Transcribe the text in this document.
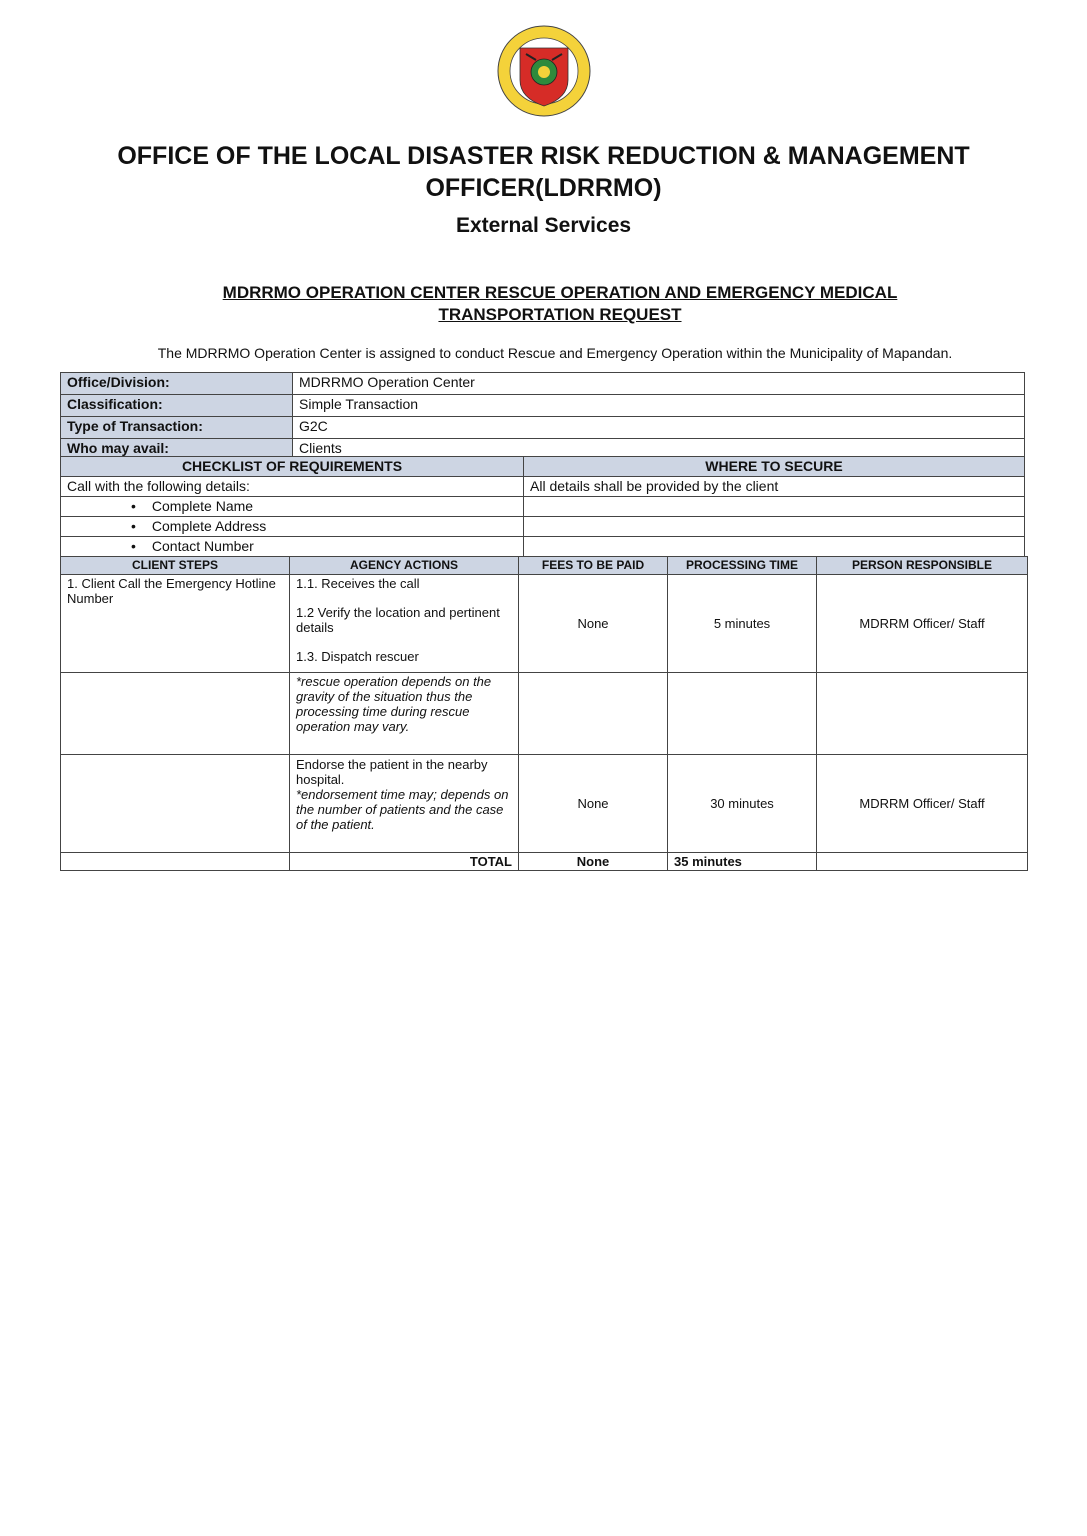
OFFICE OF THE LOCAL DISASTER RISK REDUCTION & MANAGEMENT OFFICER(LDRRMO)
External Services
MDRRMO OPERATION CENTER RESCUE OPERATION AND EMERGENCY MEDICAL
TRANSPORTATION REQUEST
The MDRRMO Operation Center is assigned to conduct Rescue and Emergency Operation within the Municipality of Mapandan.
Office/Division:	MDRRMO Operation Center
Classification:	Simple Transaction
Type of Transaction:	G2C
Who may avail:	Clients
CHECKLIST OF REQUIREMENTS	WHERE TO SECURE
Call with the following details:	All details shall be provided by the client
• Complete Name	
• Complete Address	
• Contact Number	
CLIENT STEPS	AGENCY ACTIONS	FEES TO BE PAID	PROCESSING TIME	PERSON RESPONSIBLE
1. Client Call the Emergency Hotline Number	1.1. Receives the call
1.2 Verify the location and pertinent details
1.3. Dispatch rescuer	None	5 minutes	MDRRM Officer/ Staff
	*rescue operation depends on the gravity of the situation thus the processing time during rescue operation may vary.			

	Endorse the patient in the nearby hospital.
*endorsement time may; depends on the number of patients and the case of the patient.	None	30 minutes	MDRRM Officer/ Staff
	TOTAL	None	35 minutes	
